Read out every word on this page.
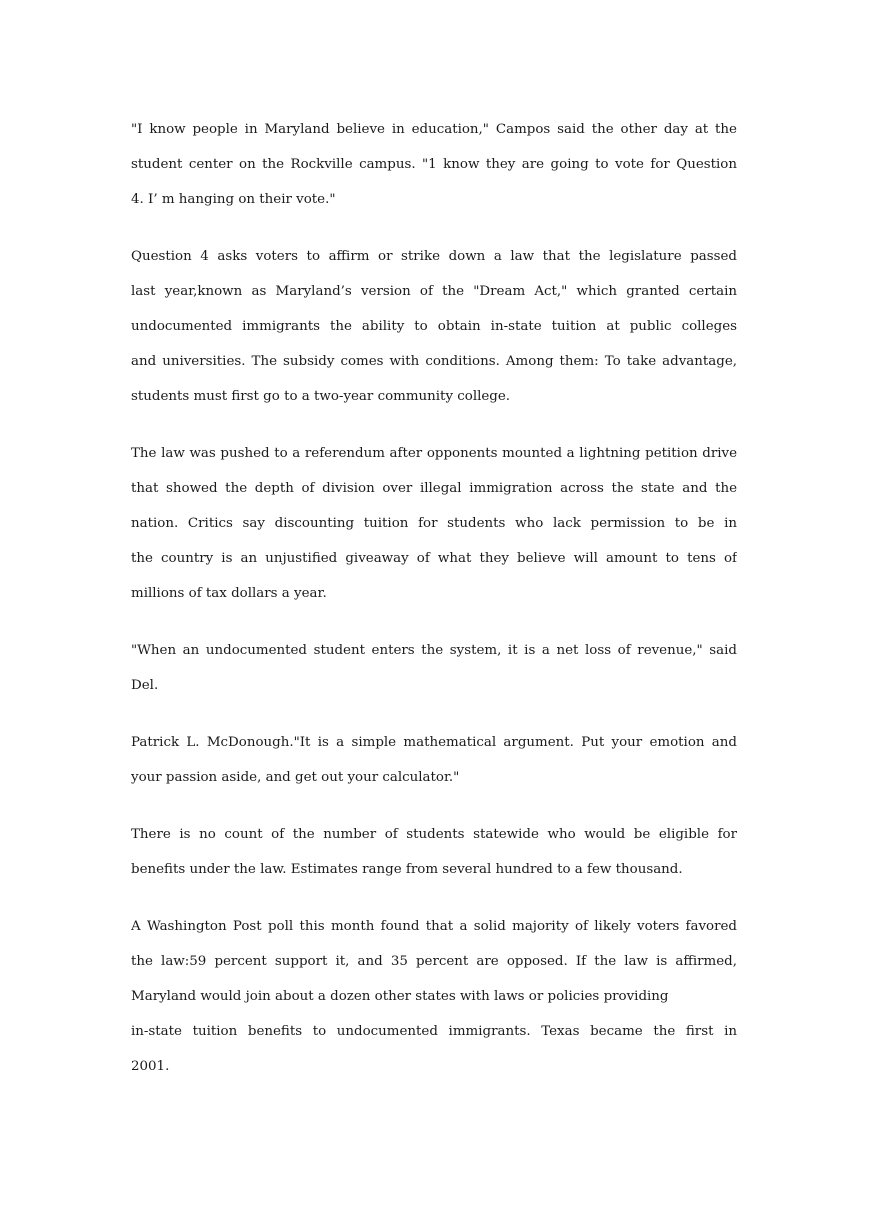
"I know people in Maryland believe in education," Campos said the other day at the
student center on the Rockville campus. "1 know they are going to vote for Question
4. I’ m hanging on their vote."
Question 4 asks voters to affirm or strike down a law that the legislature passed
last year,known as Maryland’s version of the "Dream Act," which granted certain
undocumented immigrants the ability to obtain in-state tuition at public colleges
and universities. The subsidy comes with conditions. Among them: To take advantage,
students must first go to a two-year community college.
The law was pushed to a referendum after opponents mounted a lightning petition drive
that showed the depth of division over illegal immigration across the state and the
nation. Critics say discounting tuition for students who lack permission to be in
the country is an unjustified giveaway of what they believe will amount to tens of
millions of tax dollars a year.
"When an undocumented student enters the system, it is a net loss of revenue," said
Del.
Patrick L. McDonough."It is a simple mathematical argument. Put your emotion and
your passion aside, and get out your calculator."
There is no count of the number of students statewide who would be eligible for
benefits under the law. Estimates range from several hundred to a few thousand.
A Washington Post poll this month found that a solid majority of likely voters favored
the law:59 percent support it, and 35 percent are opposed. If the law is affirmed,
Maryland would join about a dozen other states with laws or policies providing
in-state tuition benefits to undocumented immigrants. Texas became the first in
2001.
